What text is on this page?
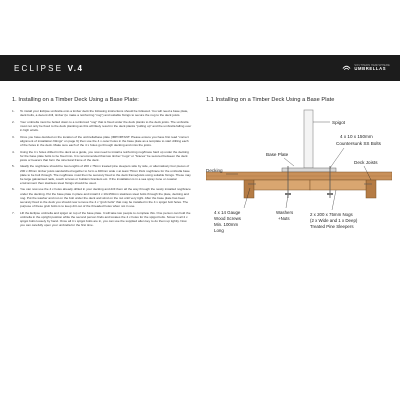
ECLIPSE V.4	SOUTHERN HEMISPHERE
UMBRELLAS
1. Installing on a Timber Deck Using a Base Plate:
1.	To install your Eclipse umbrella onto a timber deck the following instructions should be followed. You will need a base plate, deck bolts, a decent drill, timber (to make a reinforcing "nog") and suitable fixings to secure the nog to the deck joists.
2.	Your umbrella must be bolted down to a reinforced "nog" that is fixed under the deck planks to the deck joists. The umbrella must not only be fixed to the deck planking as this will likely result in the deck planks "pulling up" and the umbrella falling over in high winds.
3.	Once you have decided on the location of the umbrella/base plate (IMPORTANT: Please ensure you have first read "correct alignment of installation fittings" on page 9) then use the 4 x outer holes in the base plate as a template to start drilling each of the holes in the deck. Make sure each of the 4 x holes go through decking and miss the joists.
4.	Using the 4 x holes drilled in the deck as a guide, you now need to install a reinforcing nog/brace hard up under the decking for the base plate bolts to be fixed into. It is recommended that two timber "nogs" or "braces" be secured between the deck joists or bearers that form the structural frame of the deck.
5.	Ideally the nog/brace should be two lengths of 200 x 75mm treated pine sleepers side by side, or alternatively four pieces of 200 x 38mm timber joists sandwiched together to form a 400mm wide x at least 75mm thick nog/brace for the umbrella base plate to be bolt through. The nog/brace must then be securely fixed to the deck frame/joists using suitable fixings. These may be large galvanised nails, coach screws or builders brackets etc. If the installation is in a sea spray zone or coastal environment then stainless steel fixings should be used.
6.	You can now use the 4 x holes already drilled in your decking and drill them all the way through the newly installed nog/brace under the decking. Put the base plate in place and install 4 x 10x150mm stainless steel bolts through the plate, decking and nog. Put the washer and nut on the bolt under the deck and wind on the nut until very tight. After the base plate has been securely fixed to the deck you should now remove the 4 x "grub bolts" that may be installed in the 4 x spigot bolt holes. The purpose of these grub bolts is to keep dirt out of the threaded holes when not in use.
7.	Lift the Eclipse umbrella and spigot on top of the base plate. It will take two people to complete this. One person can hold the umbrella in the upright position while the second person finds and locates the 4 x holes for the spigot bolts. Screw in all 4 x spigot bolts loosely by hand. Once all 4 x spigot bolts are in, you can use the supplied allen key to do them up tightly. Now you can carefully open your umbrella for the first time.
1.1 Installing on a Timber Deck Using a Base Plate
Spigot
Base Plate
4 x 10 x 150mm
Countersunk SS Bolts
Decking
Deck Joists
4 x 14 Gauge
Wood Screws
Min. 100mm
Long
Washers
+Nuts
2 x 200 x 75mm Nogs
(2 x Wide and 1 x Deep)
Treated Pine Sleepers
